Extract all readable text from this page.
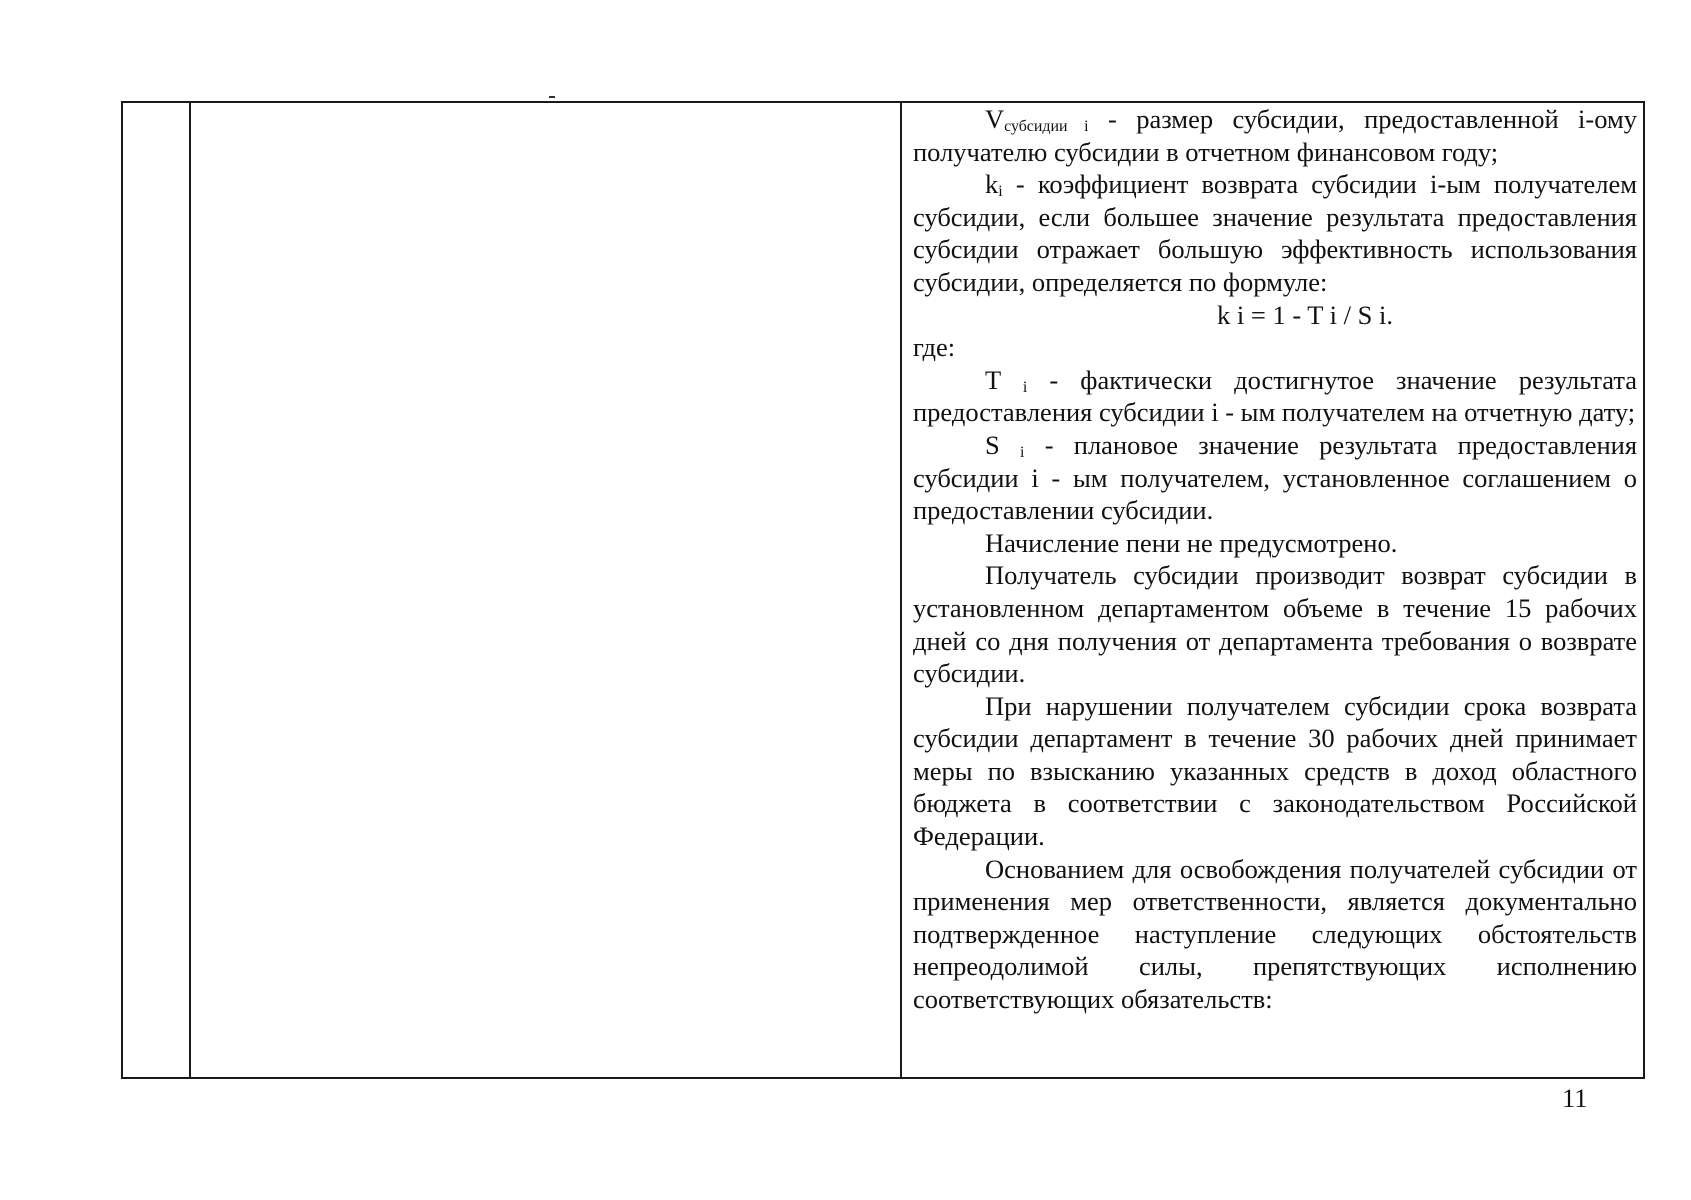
$V_{субсидии i}$ - размер субсидии, предоставленной i-ому получателю субсидии в отчетном финансовом году;

$k_i$ - коэффициент возврата субсидии i-ым получателем субсидии, если большее значение результата предоставления субсидии отражает большую эффективность использования субсидии, определяется по формуле:

k i = 1 - T i / S i.

где:

T $_i$ - фактически достигнутое значение результата предоставления субсидии i - ым получателем на отчетную дату;

S $_i$ - плановое значение результата предоставления субсидии i - ым получателем, установленное соглашением о предоставлении субсидии.

Начисление пени не предусмотрено.

Получатель субсидии производит возврат субсидии в установленном департаментом объеме в течение 15 рабочих дней со дня получения от департамента требования о возврате субсидии.

При нарушении получателем субсидии срока возврата субсидии департамент в течение 30 рабочих дней принимает меры по взысканию указанных средств в доход областного бюджета в соответствии с законодательством Российской Федерации.

Основанием для освобождения получателей субсидии от применения мер ответственности, является документально подтвержденное наступление следующих обстоятельств непреодолимой силы, препятствующих исполнению соответствующих обязательств:

11
